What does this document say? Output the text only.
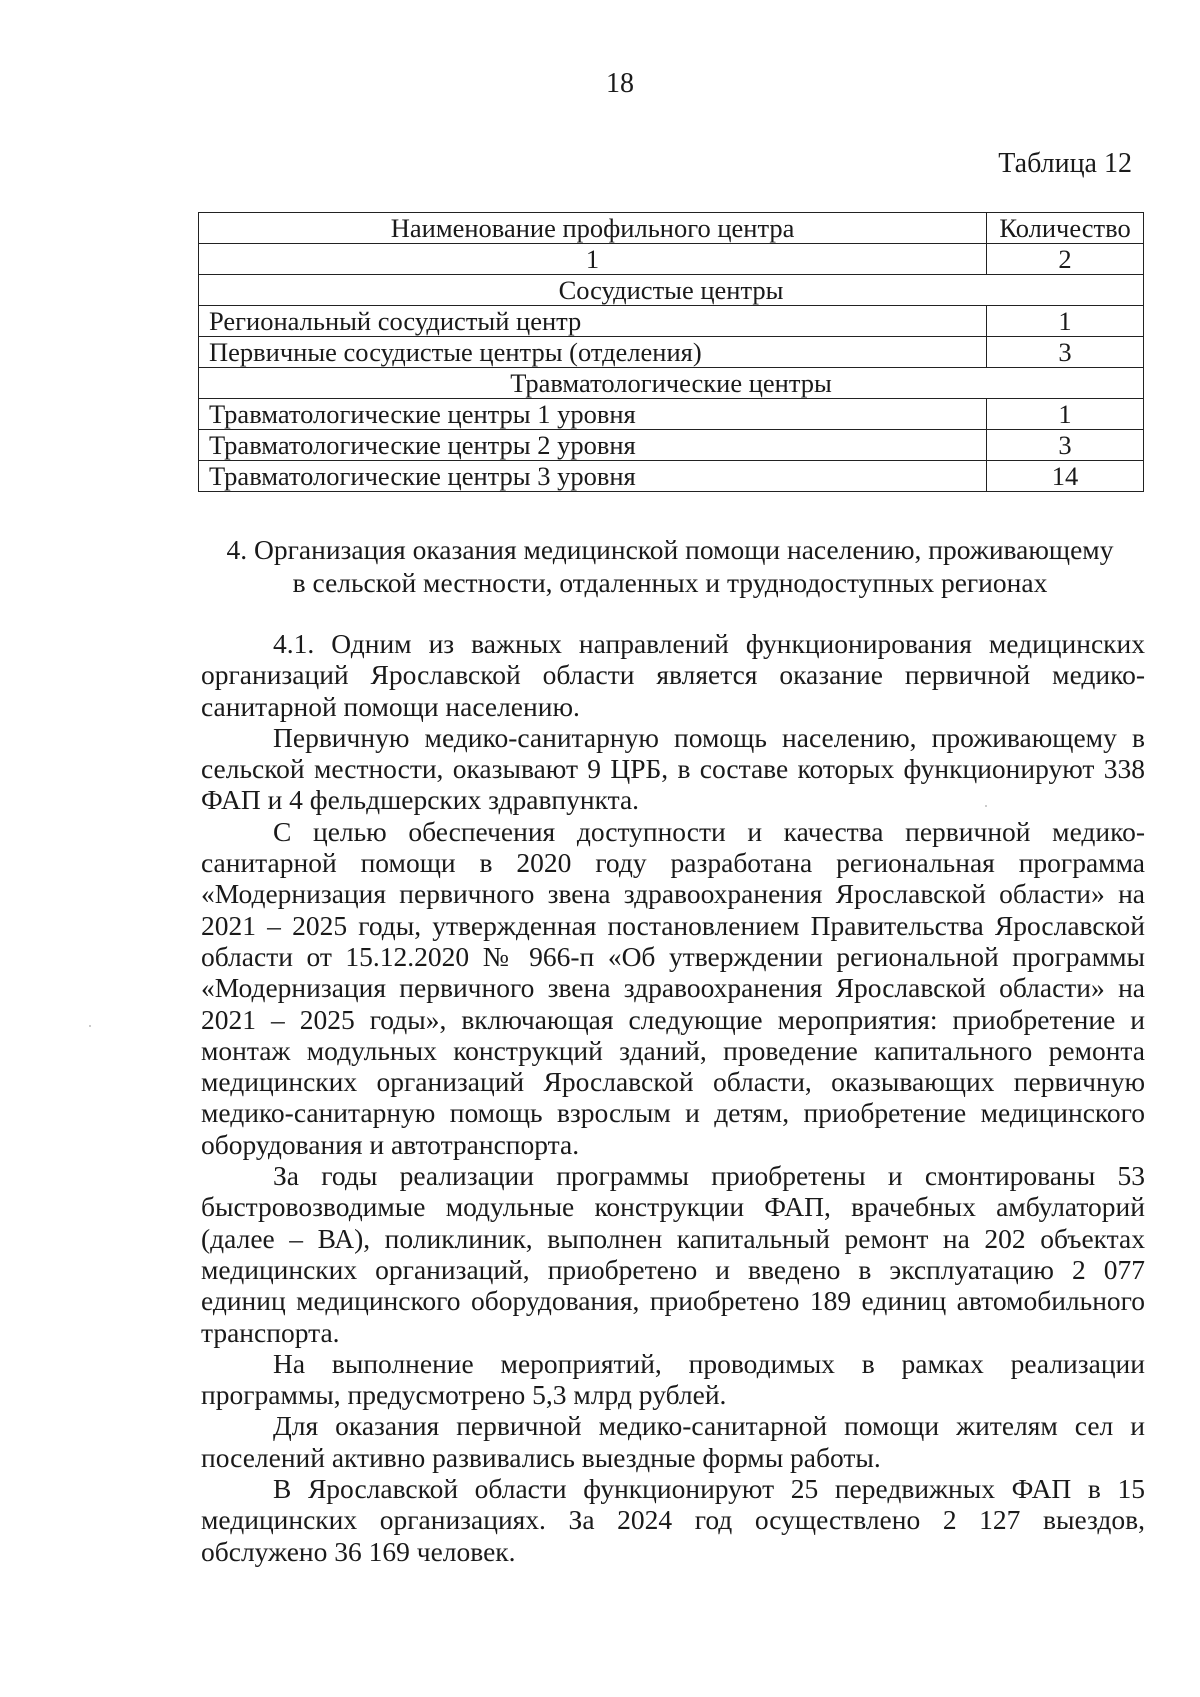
18
Таблица 12
Наименование профильного центра	Количество
1	2
Сосудистые центры	
Региональный сосудистый центр	1
Первичные сосудистые центры (отделения)	3
Травматологические центры	
Травматологические центры 1 уровня	1
Травматологические центры 2 уровня	3
Травматологические центры 3 уровня	14
4. Организация оказания медицинской помощи населению, проживающему
в сельской местности, отдаленных и труднодоступных регионах

4.1. Одним из важных направлений функционирования медицинских организаций Ярославской области является оказание первичной медико-санитарной помощи населению.

Первичную медико-санитарную помощь населению, проживающему в сельской местности, оказывают 9 ЦРБ, в составе которых функционируют 338 ФАП и 4 фельдшерских здравпункта.

С целью обеспечения доступности и качества первичной медико-санитарной помощи в 2020 году разработана региональная программа «Модернизация первичного звена здравоохранения Ярославской области» на 2021 – 2025 годы, утвержденная постановлением Правительства Ярославской области от 15.12.2020 № 966-п «Об утверждении региональной программы «Модернизация первичного звена здравоохранения Ярославской области» на 2021 – 2025 годы», включающая следующие мероприятия: приобретение и монтаж модульных конструкций зданий, проведение капитального ремонта медицинских организаций Ярославской области, оказывающих первичную медико-санитарную помощь взрослым и детям, приобретение медицинского оборудования и автотранспорта.

За годы реализации программы приобретены и смонтированы 53 быстровозводимые модульные конструкции ФАП, врачебных амбулаторий (далее – ВА), поликлиник, выполнен капитальный ремонт на 202 объектах медицинских организаций, приобретено и введено в эксплуатацию 2 077 единиц медицинского оборудования, приобретено 189 единиц автомобильного транспорта.

На выполнение мероприятий, проводимых в рамках реализации программы, предусмотрено 5,3 млрд рублей.

Для оказания первичной медико-санитарной помощи жителям сел и поселений активно развивались выездные формы работы.

В Ярославской области функционируют 25 передвижных ФАП в 15 медицинских организациях. За 2024 год осуществлено 2 127 выездов, обслужено 36 169 человек.
